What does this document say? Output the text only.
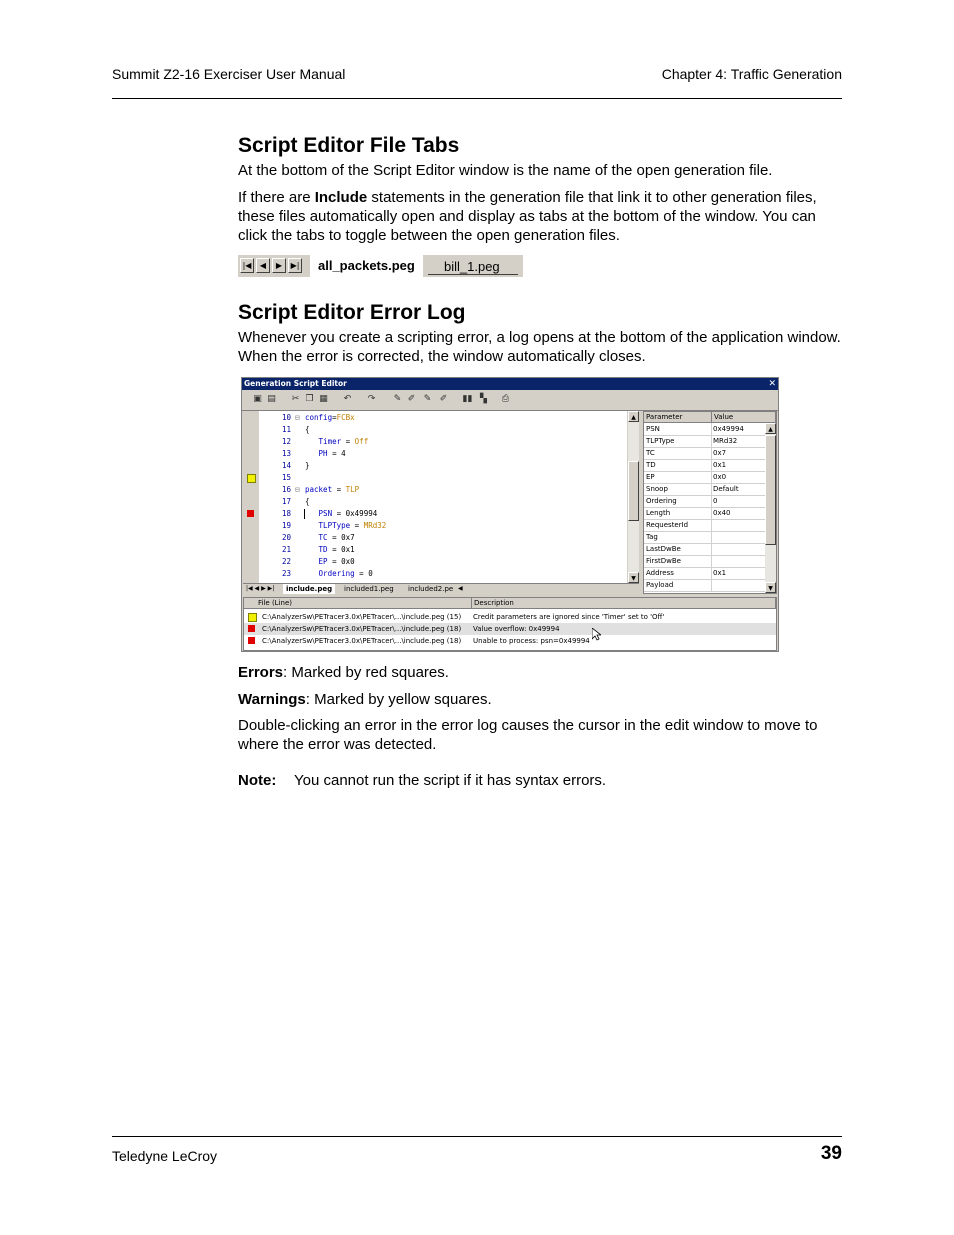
Summit Z2-16 Exerciser User Manual	Chapter 4: Traffic Generation
Script Editor File Tabs

At the bottom of the Script Editor window is the name of the open generation file.

If there are Include statements in the generation file that link it to other generation files, these files automatically open and display as tabs at the bottom of the window. You can click the tabs to toggle between the open generation files.

|◀	◀	▶	▶|	all_packets.peg	bill_1.peg
Script Editor Error Log

Whenever you create a scripting error, a log opens at the bottom of the application window. When the error is corrected, the window automatically closes.

Generation Script Editor	✕
▣ ▤ ✂ ❐ ▦ ↶ ↷ ✎ ✐ ✎ ✐ ▮▮ ▚ ⎙
10 ⊟ config=FCBx
11 {
12 Timer = Off
13 PH = 4
14 }
15
16 ⊟ packet = TLP
17 {
18 PSN = 0x49994
19 TLPType = MRd32
20 TC = 0x7
21 TD = 0x1
22 EP = 0x0
23 Ordering = 0
▲
▼
|◀ ◀ ▶ ▶|	include.peg	included1.peg	included2.pe ◀
Parameter	Value
PSN	0x49994
TLPType	MRd32
TC	0x7
TD	0x1
EP	0x0
Snoop	Default
Ordering	0
Length	0x40
RequesterId
Tag
LastDwBe
FirstDwBe
Address	0x1
Payload
▲
▼
File (Line)	Description
C:\AnalyzerSw\PETracer3.0x\PETracer\...\include.peg (15) Credit parameters are ignored since 'Timer' set to 'Off'
C:\AnalyzerSw\PETracer3.0x\PETracer\...\include.peg (18) Value overflow: 0x49994
C:\AnalyzerSw\PETracer3.0x\PETracer\...\include.peg (18) Unable to process: psn=0x49994

Errors: Marked by red squares.

Warnings: Marked by yellow squares.

Double-clicking an error in the error log causes the cursor in the edit window to move to where the error was detected.

Note: You cannot run the script if it has syntax errors.
Teledyne LeCroy	39
